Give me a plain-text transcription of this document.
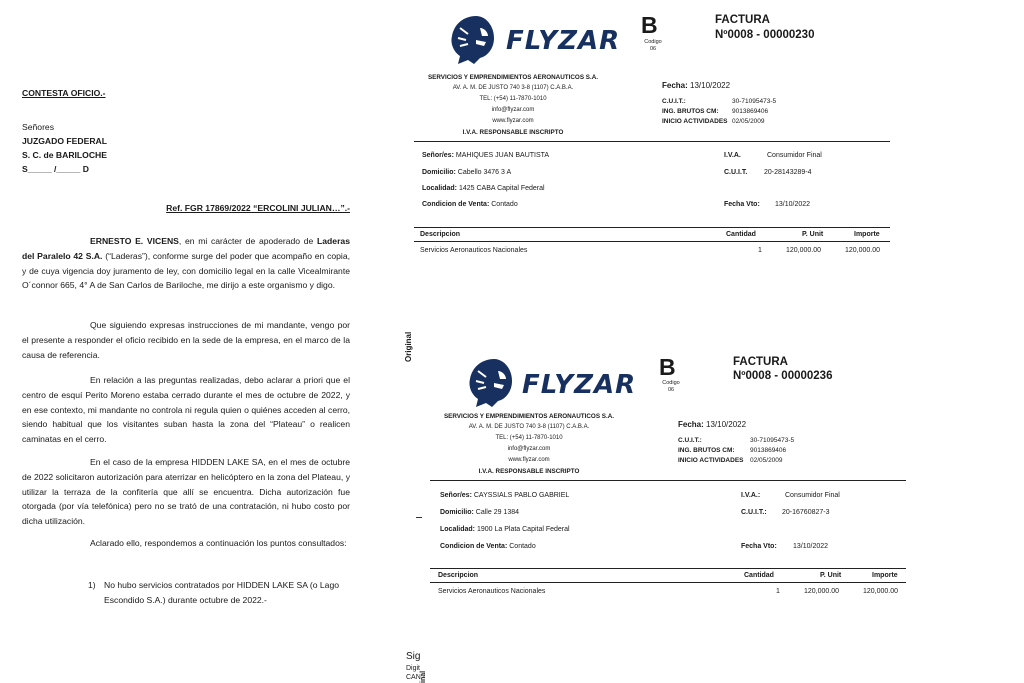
CONTESTA OFICIO.-
Señores
JUZGADO FEDERAL
S. C. de BARILOCHE
S_____ /_____ D
Ref. FGR 17869/2022 “ERCOLINI JULIAN…”.-

ERNESTO E. VICENS, en mi carácter de apoderado de Laderas del Paralelo 42 S.A. (“Laderas”), conforme surge del poder que acompaño en copia, y de cuya vigencia doy juramento de ley, con domicilio legal en la calle Vicealmirante O´connor 665, 4° A de San Carlos de Bariloche, me dirijo a este organismo y digo.

Que siguiendo expresas instrucciones de mi mandante, vengo por el presente a responder el oficio recibido en la sede de la empresa, en el marco de la causa de referencia.

En relación a las preguntas realizadas, debo aclarar a priori que el centro de esquí Perito Moreno estaba cerrado durante el mes de octubre de 2022, y en ese contexto, mi mandante no controla ni regula quien o quiénes acceden al cerro, siendo habitual que los visitantes suban hasta la zona del “Plateau” o realicen caminatas en el cerro.

En el caso de la empresa HIDDEN LAKE SA, en el mes de octubre de 2022 solicitaron autorización para aterrizar en helicóptero en la zona del Plateau, y utilizar la terraza de la confitería que allí se encuentra. Dicha autorización fue otorgada (por vía telefónica) pero no se trató de una contratación, ni hubo costo por dicha utilización.

Aclarado ello, respondemos a continuación los puntos consultados:

1) No hubo servicios contratados por HIDDEN LAKE SA (o Lago Escondido S.A.) durante octubre de 2022.-
FLYZAR
B
Codigo
06
FACTURA
Nº0008 - 00000230
SERVICIOS Y EMPRENDIMIENTOS AERONAUTICOS S.A.
AV. A. M. DE JUSTO 740 3-8 (1107) C.A.B.A.
TEL: (+54) 11-7870-1010
info@flyzar.com
www.flyzar.com
I.V.A. RESPONSABLE INSCRIPTO
Fecha: 13/10/2022
C.U.I.T.:	30-71095473-5
ING. BRUTOS CM: 9013869406
INICIO ACTIVIDADES 02/05/2009
Señor/es: MAHIQUES JUAN BAUTISTA
Domicilio: Cabello 3476 3 A
Localidad: 1425 CABA Capital Federal
Condicion de Venta: Contado
I.V.A.	Consumidor Final
C.U.I.T. 20-28143289-4
Fecha Vto: 13/10/2022
Descripcion	Cantidad	P. Unit	Importe
Servicios Aeronauticos Nacionales	1	120,000.00	120,000.00
Original
FLYZAR
B
Codigo
06
FACTURA
Nº0008 - 00000236
SERVICIOS Y EMPRENDIMIENTOS AERONAUTICOS S.A.
AV. A. M. DE JUSTO 740 3-8 (1107) C.A.B.A.
TEL: (+54) 11-7870-1010
info@flyzar.com
www.flyzar.com
I.V.A. RESPONSABLE INSCRIPTO
Fecha: 13/10/2022
C.U.I.T.:	30-71095473-5
ING. BRUTOS CM: 9013869406
INICIO ACTIVIDADES 02/05/2009
Señor/es: CAYSSIALS PABLO GABRIEL
Domicilio: Calle 29 1384
Localidad: 1900 La Plata Capital Federal
Condicion de Venta: Contado
I.V.A.:	Consumidor Final
C.U.I.T.: 20-16760827-3
Fecha Vto: 13/10/2022
Descripcion	Cantidad	P. Unit	Importe
Servicios Aeronauticos Nacionales	1	120,000.00	120,000.00
Sig
Digit
CAN inal
